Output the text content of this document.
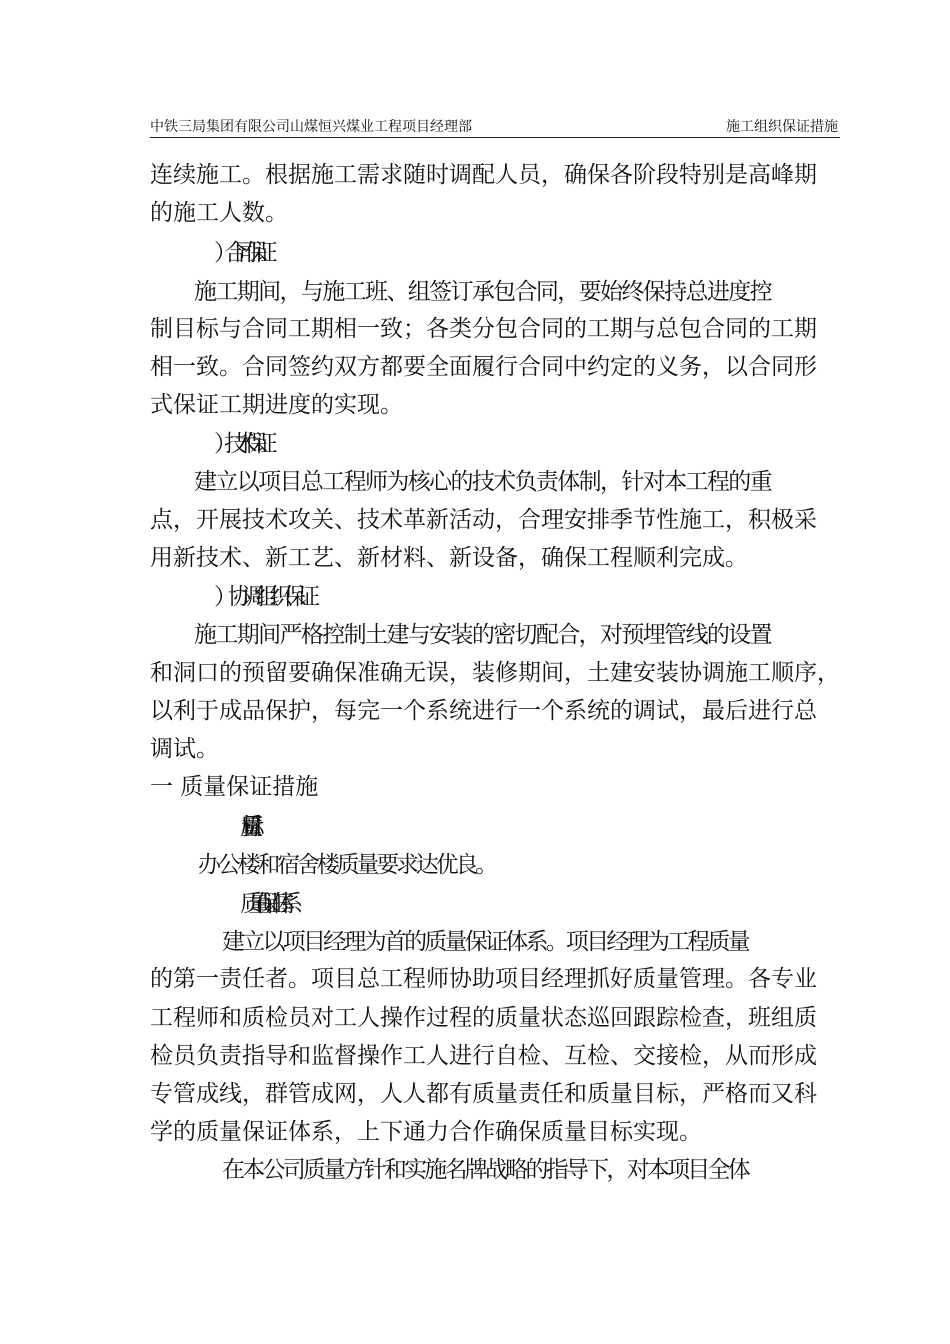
中铁三局集团有限公司山煤恒兴煤业工程项目经理部	施工组织保证措施
连续施工。根据施工需求随时调配人员，确保各阶段特别是高峰期
的施工人数。
）合同保证
施工期间，与施工班、组签订承包合同，要始终保持总进度控
制目标与合同工期相一致；各类分包合同的工期与总包合同的工期
相一致。合同签约双方都要全面履行合同中约定的义务，以合同形
式保证工期进度的实现。
）技术保证
建立以项目总工程师为核心的技术负责体制，针对本工程的重
点，开展技术攻关、技术革新活动，合理安排季节性施工，积极采
用新技术、新工艺、新材料、新设备，确保工程顺利完成。
）协调组织保证
施工期间严格控制土建与安装的密切配合，对预埋管线的设置
和洞口的预留要确保准确无误，装修期间，土建安装协调施工顺序，
以利于成品保护，每完一个系统进行一个系统的调试，最后进行总
调试。
一 质量保证措施
质量目标
办公楼和宿舍楼质量要求达优良。
质量保证体系
建立以项目经理为首的质量保证体系。项目经理为工程质量
的第一责任者。项目总工程师协助项目经理抓好质量管理。各专业
工程师和质检员对工人操作过程的质量状态巡回跟踪检查，班组质
检员负责指导和监督操作工人进行自检、互检、交接检，从而形成
专管成线，群管成网，人人都有质量责任和质量目标，严格而又科
学的质量保证体系，上下通力合作确保质量目标实现。
在本公司质量方针和实施名牌战略的指导下，对本项目全体
